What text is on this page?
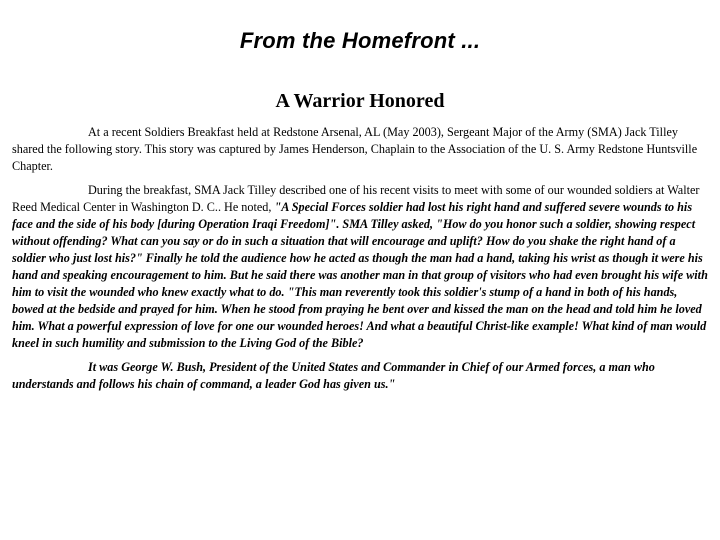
From the Homefront ...
A Warrior Honored

At a recent Soldiers Breakfast held at Redstone Arsenal, AL (May 2003), Sergeant Major of the Army (SMA) Jack Tilley shared the following story. This story was captured by James Henderson, Chaplain to the Association of the U. S. Army Redstone Huntsville Chapter.

During the breakfast, SMA Jack Tilley described one of his recent visits to meet with some of our wounded soldiers at Walter Reed Medical Center in Washington D. C.. He noted, "A Special Forces soldier had lost his right hand and suffered severe wounds to his face and the side of his body [during Operation Iraqi Freedom]". SMA Tilley asked, "How do you honor such a soldier, showing respect without offending? What can you say or do in such a situation that will encourage and uplift? How do you shake the right hand of a soldier who just lost his?" Finally he told the audience how he acted as though the man had a hand, taking his wrist as though it were his hand and speaking encouragement to him. But he said there was another man in that group of visitors who had even brought his wife with him to visit the wounded who knew exactly what to do. "This man reverently took this soldier's stump of a hand in both of his hands, bowed at the bedside and prayed for him. When he stood from praying he bent over and kissed the man on the head and told him he loved him. What a powerful expression of love for one our wounded heroes! And what a beautiful Christ-like example! What kind of man would kneel in such humility and submission to the Living God of the Bible?

It was George W. Bush, President of the United States and Commander in Chief of our Armed forces, a man who understands and follows his chain of command, a leader God has given us."
